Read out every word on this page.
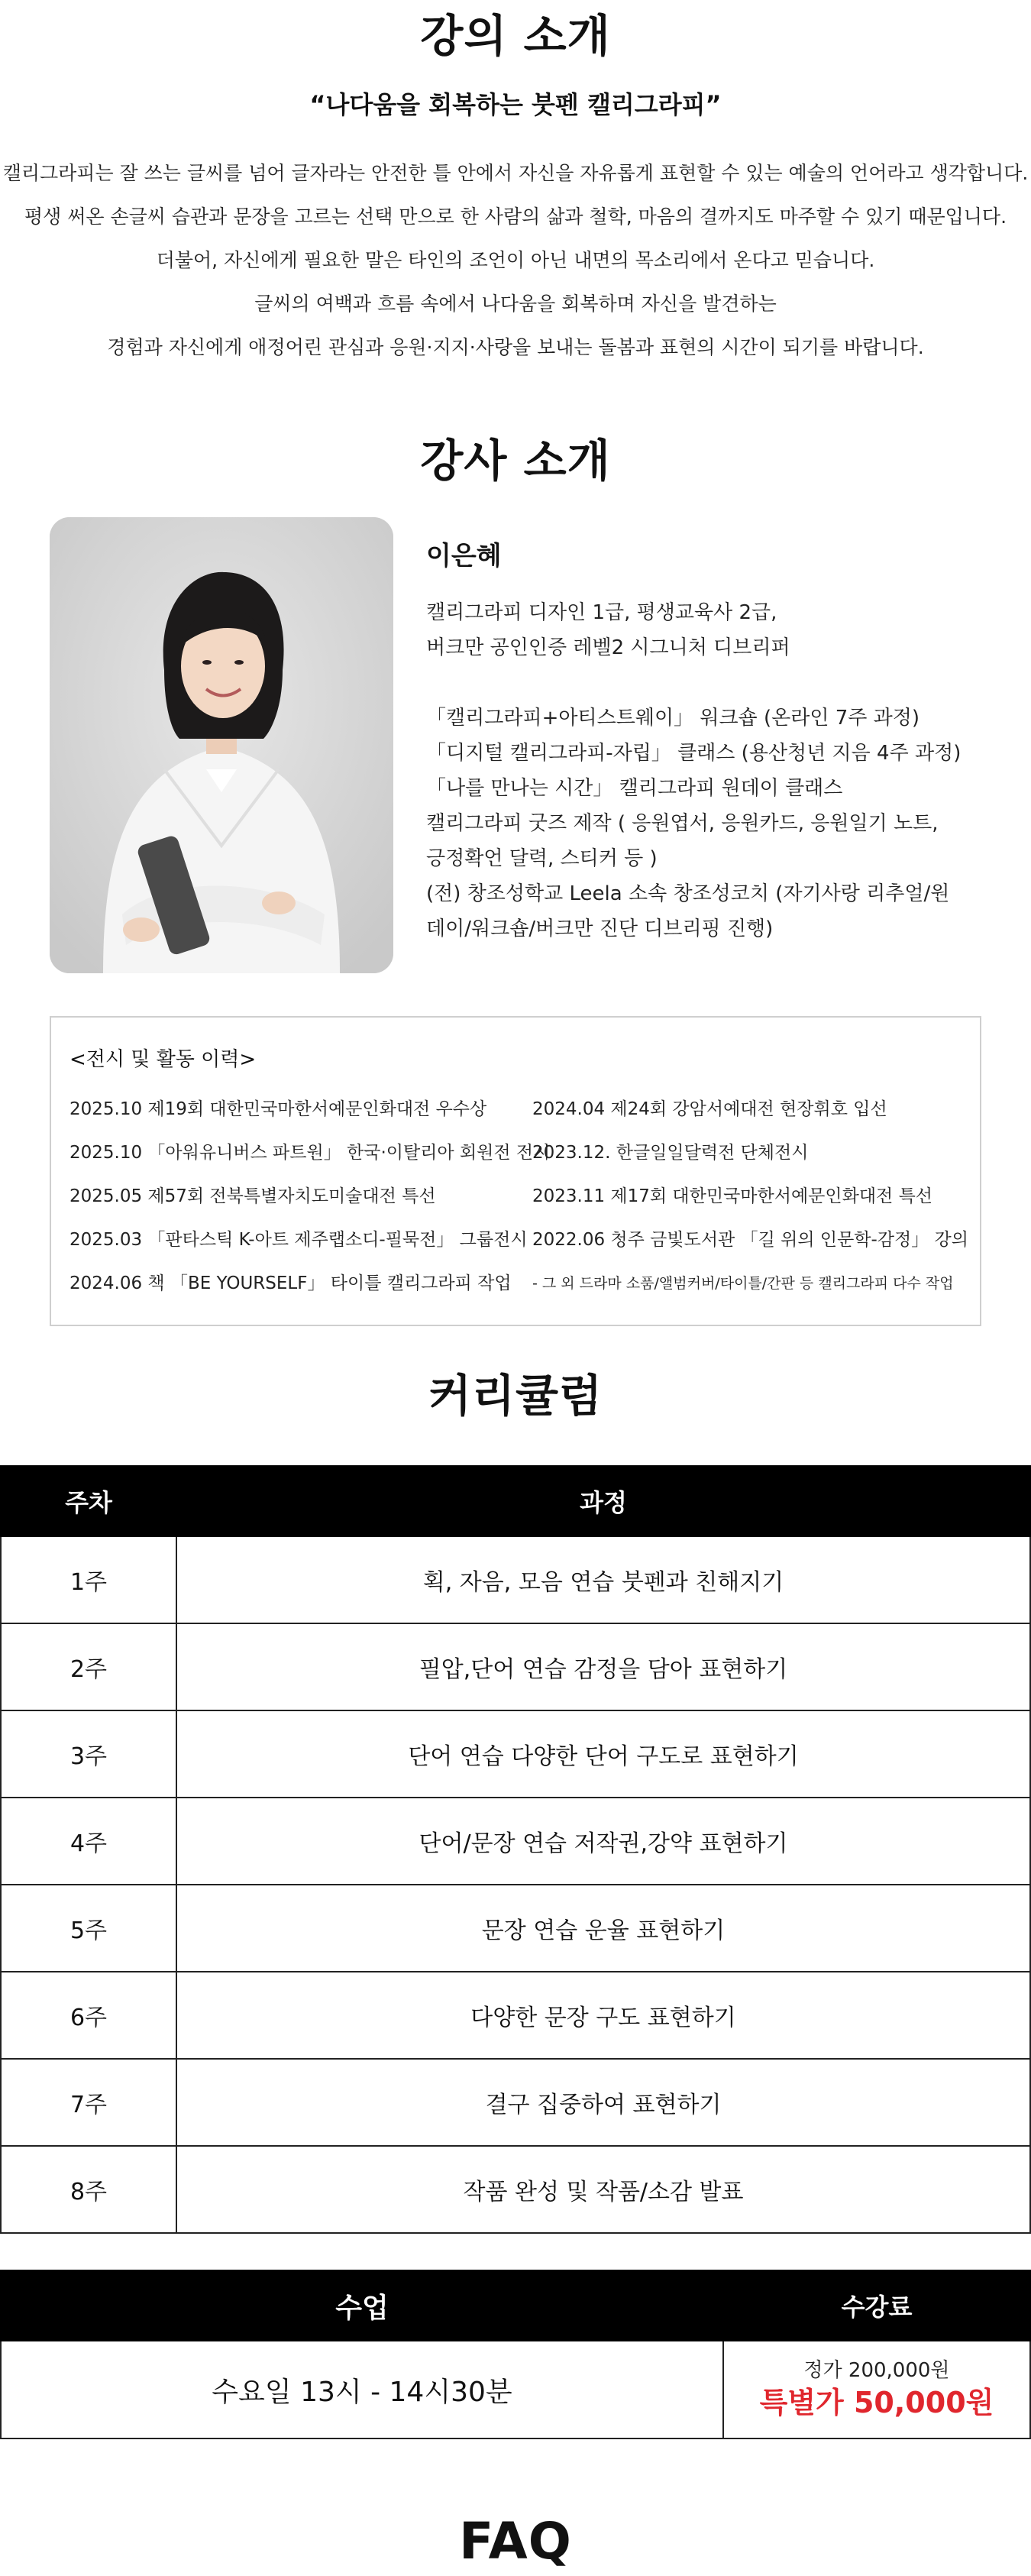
강의 소개

“나다움을 회복하는 붓펜 캘리그라피”

캘리그라피는 잘 쓰는 글씨를 넘어 글자라는 안전한 틀 안에서 자신을 자유롭게 표현할 수 있는 예술의 언어라고 생각합니다.
평생 써온 손글씨 습관과 문장을 고르는 선택 만으로 한 사람의 삶과 철학, 마음의 결까지도 마주할 수 있기 때문입니다.
더불어, 자신에게 필요한 말은 타인의 조언이 아닌 내면의 목소리에서 온다고 믿습니다.
글씨의 여백과 흐름 속에서 나다움을 회복하며 자신을 발견하는
경험과 자신에게 애정어린 관심과 응원·지지·사랑을 보내는 돌봄과 표현의 시간이 되기를 바랍니다.
강사 소개

이은혜

캘리그라피 디자인 1급, 평생교육사 2급,
버크만 공인인증 레벨2 시그니처 디브리퍼
「캘리그라피+아티스트웨이」 워크숍 (온라인 7주 과정)
「디지털 캘리그라피-자립」 클래스 (용산청년 지음 4주 과정)
「나를 만나는 시간」 캘리그라피 원데이 클래스
캘리그라피 굿즈 제작 ( 응원엽서, 응원카드, 응원일기 노트,
긍정확언 달력, 스티커 등 )
(전) 창조성학교 Leela 소속 창조성코치 (자기사랑 리추얼/원
데이/워크숍/버크만 진단 디브리핑 진행)

<전시 및 활동 이력>

2025.10 제19회 대한민국마한서예문인화대전 우수상
2025.10 「아워유니버스 파트원」 한국·이탈리아 회원전 전시
2025.05 제57회 전북특별자치도미술대전 특선
2025.03 「판타스틱 K-아트 제주랩소디-필묵전」 그룹전시
2024.06 책 「BE YOURSELF」 타이틀 캘리그라피 작업
2024.04 제24회 강암서예대전 현장휘호 입선
2023.12. 한글일일달력전 단체전시
2023.11 제17회 대한민국마한서예문인화대전 특선
2022.06 청주 금빛도서관 「길 위의 인문학-감정」 강의
- 그 외 드라마 소품/앨범커버/타이틀/간판 등 캘리그라피 다수 작업
커리큘럼
주차	과정
1주	획, 자음, 모음 연습 붓펜과 친해지기
2주	필압,단어 연습 감정을 담아 표현하기
3주	단어 연습 다양한 단어 구도로 표현하기
4주	단어/문장 연습 저작권,강약 표현하기
5주	문장 연습 운율 표현하기
6주	다양한 문장 구도 표현하기
7주	결구 집중하여 표현하기
8주	작품 완성 및 작품/소감 발표
수업	수강료
수요일 13시 - 14시30분	정가 200,000원
특별가 50,000원
FAQ
